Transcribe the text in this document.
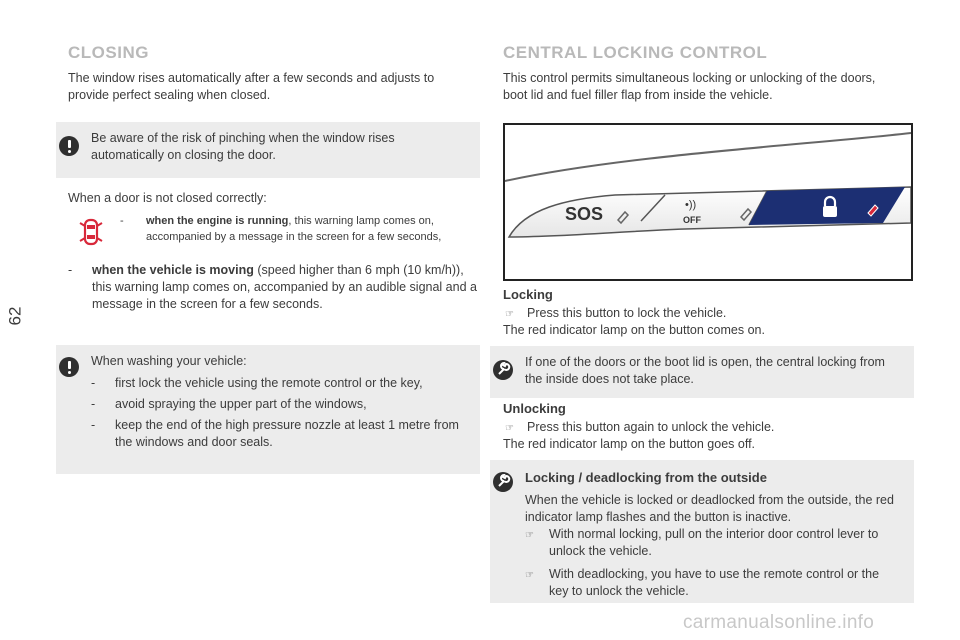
62
CLOSING

The window rises automatically after a few seconds and adjusts to provide perfect sealing when closed.

Be aware of the risk of pinching when the window rises automatically on closing the door.

When a door is not closed correctly:

-	when the engine is running, this warning lamp comes on, accompanied by a message in the screen for a few seconds,
-	when the vehicle is moving (speed higher than 6 mph (10 km/h)), this warning lamp comes on, accompanied by an audible signal and a message in the screen for a few seconds.

When washing your vehicle:

-	first lock the vehicle using the remote control or the key,
-	avoid spraying the upper part of the windows,
-	keep the end of the high pressure nozzle at least 1 metre from the windows and door seals.
CENTRAL LOCKING CONTROL

This control permits simultaneous locking or unlocking of the doors, boot lid and fuel filler flap from inside the vehicle.

SOS	OFF
•))

Locking

☞	Press this button to lock the vehicle.

The red indicator lamp on the button comes on.

If one of the doors or the boot lid is open, the central locking from the inside does not take place.

Unlocking

☞	Press this button again to unlock the vehicle.

The red indicator lamp on the button goes off.

Locking / deadlocking from the outside

When the vehicle is locked or deadlocked from the outside, the red indicator lamp flashes and the button is inactive.

☞	With normal locking, pull on the interior door control lever to unlock the vehicle.
☞	With deadlocking, you have to use the remote control or the key to unlock the vehicle.
carmanualsonline.info
